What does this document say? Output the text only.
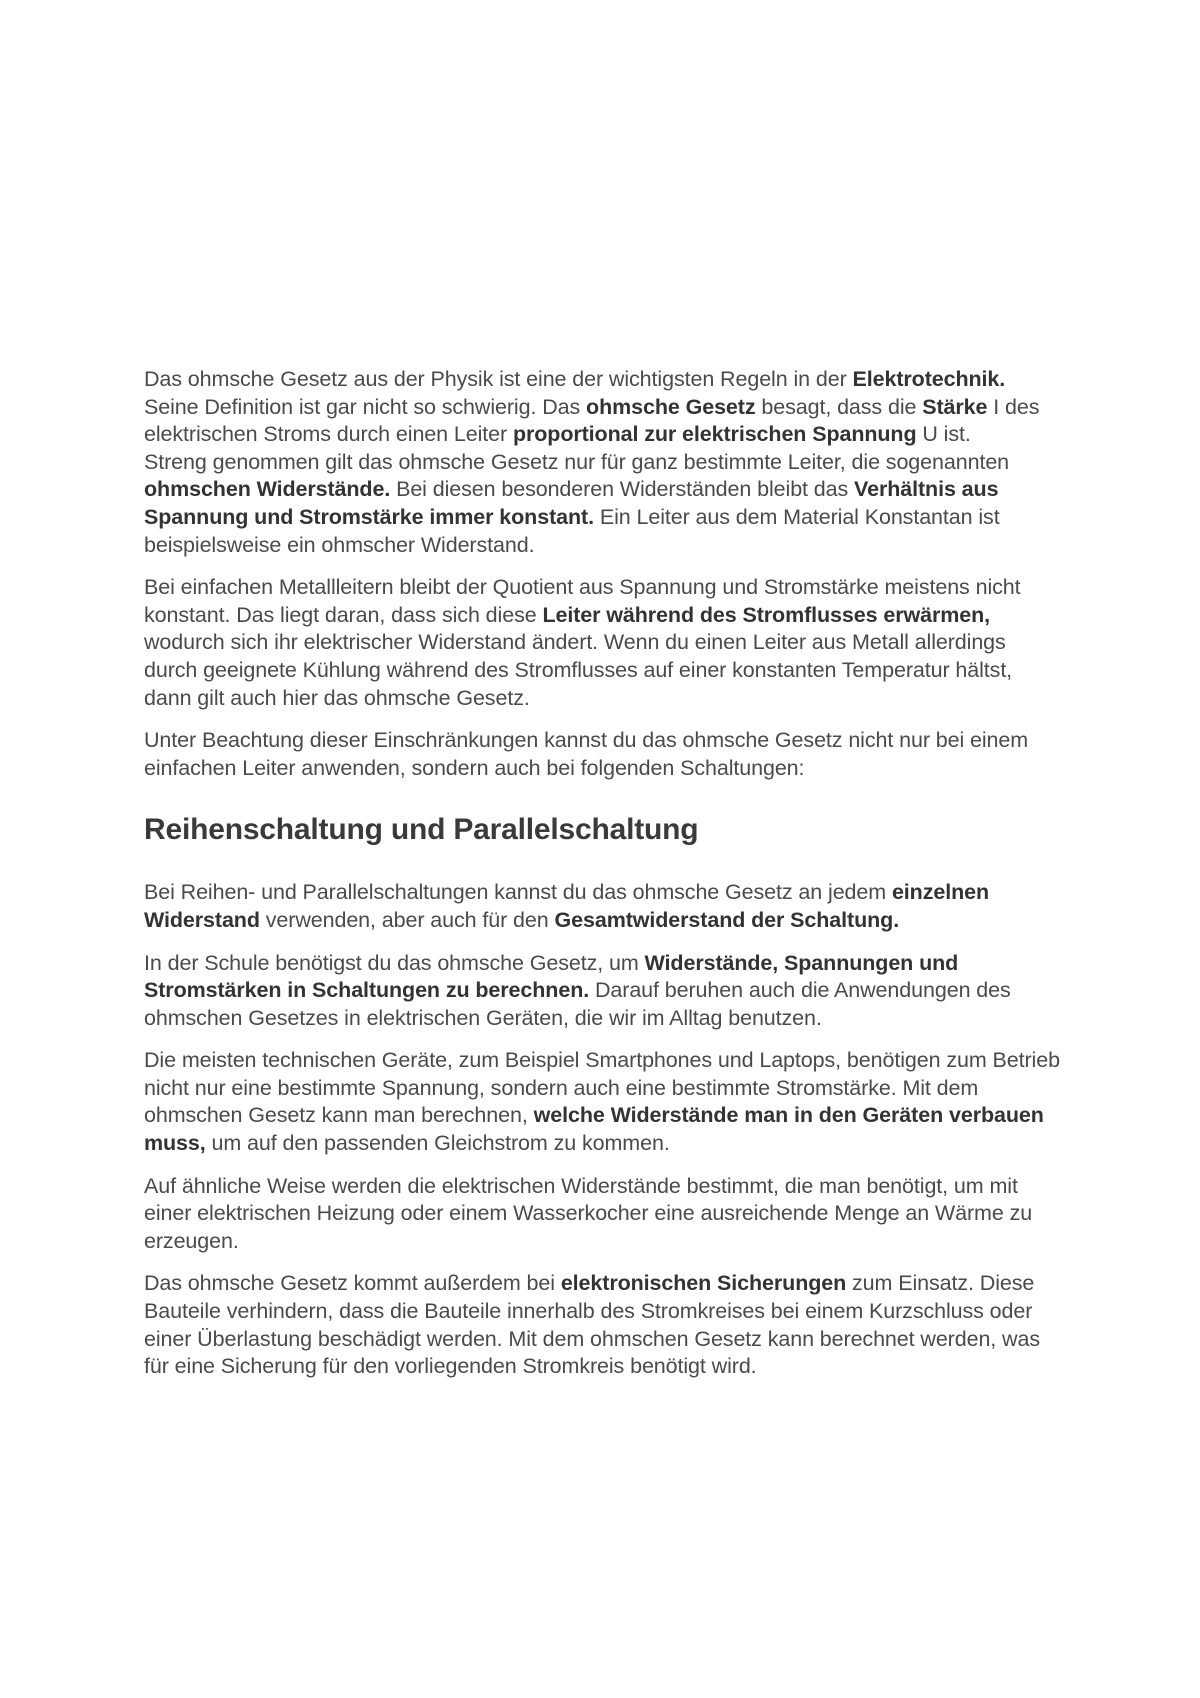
Das ohmsche Gesetz aus der Physik ist eine der wichtigsten Regeln in der Elektrotechnik. Seine Definition ist gar nicht so schwierig. Das ohmsche Gesetz besagt, dass die Stärke I des elektrischen Stroms durch einen Leiter proportional zur elektrischen Spannung U ist.
Streng genommen gilt das ohmsche Gesetz nur für ganz bestimmte Leiter, die sogenannten ohmschen Widerstände. Bei diesen besonderen Widerständen bleibt das Verhältnis aus Spannung und Stromstärke immer konstant. Ein Leiter aus dem Material Konstantan ist beispielsweise ein ohmscher Widerstand.

Bei einfachen Metallleitern bleibt der Quotient aus Spannung und Stromstärke meistens nicht konstant. Das liegt daran, dass sich diese Leiter während des Stromflusses erwärmen, wodurch sich ihr elektrischer Widerstand ändert. Wenn du einen Leiter aus Metall allerdings durch geeignete Kühlung während des Stromflusses auf einer konstanten Temperatur hältst, dann gilt auch hier das ohmsche Gesetz.

Unter Beachtung dieser Einschränkungen kannst du das ohmsche Gesetz nicht nur bei einem einfachen Leiter anwenden, sondern auch bei folgenden Schaltungen:

Reihenschaltung und Parallelschaltung

Bei Reihen- und Parallelschaltungen kannst du das ohmsche Gesetz an jedem einzelnen Widerstand verwenden, aber auch für den Gesamtwiderstand der Schaltung.

In der Schule benötigst du das ohmsche Gesetz, um Widerstände, Spannungen und Stromstärken in Schaltungen zu berechnen. Darauf beruhen auch die Anwendungen des ohmschen Gesetzes in elektrischen Geräten, die wir im Alltag benutzen.

Die meisten technischen Geräte, zum Beispiel Smartphones und Laptops, benötigen zum Betrieb nicht nur eine bestimmte Spannung, sondern auch eine bestimmte Stromstärke. Mit dem ohmschen Gesetz kann man berechnen, welche Widerstände man in den Geräten verbauen muss, um auf den passenden Gleichstrom zu kommen.

Auf ähnliche Weise werden die elektrischen Widerstände bestimmt, die man benötigt, um mit einer elektrischen Heizung oder einem Wasserkocher eine ausreichende Menge an Wärme zu erzeugen.

Das ohmsche Gesetz kommt außerdem bei elektronischen Sicherungen zum Einsatz. Diese Bauteile verhindern, dass die Bauteile innerhalb des Stromkreises bei einem Kurzschluss oder einer Überlastung beschädigt werden. Mit dem ohmschen Gesetz kann berechnet werden, was für eine Sicherung für den vorliegenden Stromkreis benötigt wird.
